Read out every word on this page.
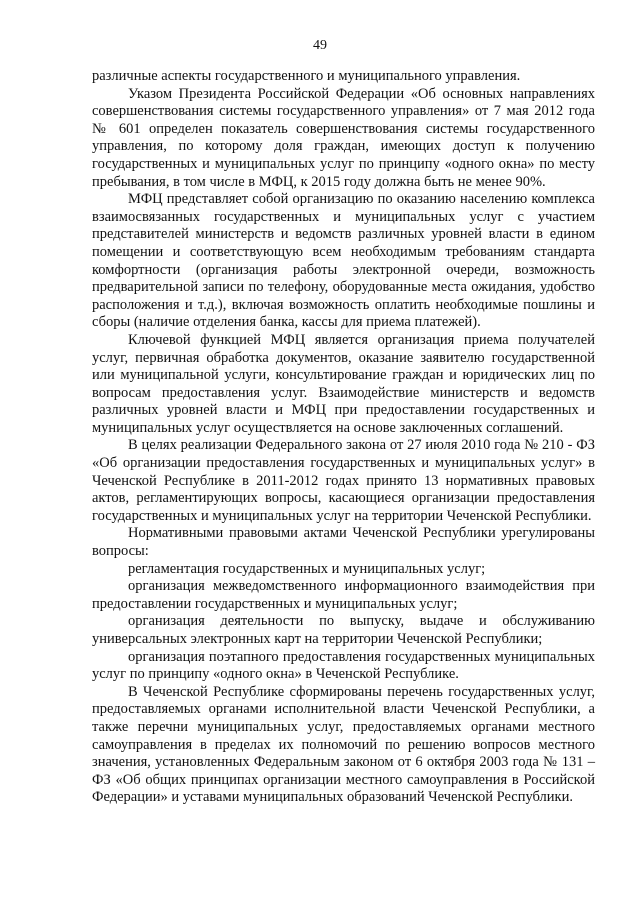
49

различные аспекты государственного и муниципального управления.

Указом Президента Российской Федерации «Об основных направлениях совершенствования системы государственного управления» от 7 мая 2012 года № 601 определен показатель совершенствования системы государственного управления, по которому доля граждан, имеющих доступ к получению государственных и муниципальных услуг по принципу «одного окна» по месту пребывания, в том числе в МФЦ, к 2015 году должна быть не менее 90%.

МФЦ представляет собой организацию по оказанию населению комплекса взаимосвязанных государственных и муниципальных услуг с участием представителей министерств и ведомств различных уровней власти в едином помещении и соответствующую всем необходимым требованиям стандарта комфортности (организация работы электронной очереди, возможность предварительной записи по телефону, оборудованные места ожидания, удобство расположения и т.д.), включая возможность оплатить необходимые пошлины и сборы (наличие отделения банка, кассы для приема платежей).

Ключевой функцией МФЦ является организация приема получателей услуг, первичная обработка документов, оказание заявителю государственной или муниципальной услуги, консультирование граждан и юридических лиц по вопросам предоставления услуг. Взаимодействие министерств и ведомств различных уровней власти и МФЦ при предоставлении государственных и муниципальных услуг осуществляется на основе заключенных соглашений.

В целях реализации Федерального закона от 27 июля 2010 года № 210 - ФЗ «Об организации предоставления государственных и муниципальных услуг» в Чеченской Республике в 2011-2012 годах принято 13 нормативных правовых актов, регламентирующих вопросы, касающиеся организации предоставления государственных и муниципальных услуг на территории Чеченской Республики.

Нормативными правовыми актами Чеченской Республики урегулированы вопросы:

регламентация государственных и муниципальных услуг;

организация межведомственного информационного взаимодействия при предоставлении государственных и муниципальных услуг;

организация деятельности по выпуску, выдаче и обслуживанию универсальных электронных карт на территории Чеченской Республики;

организация поэтапного предоставления государственных муниципальных услуг по принципу «одного окна» в Чеченской Республике.

В Чеченской Республике сформированы перечень государственных услуг, предоставляемых органами исполнительной власти Чеченской Республики, а также перечни муниципальных услуг, предоставляемых органами местного самоуправления в пределах их полномочий по решению вопросов местного значения, установленных Федеральным законом от 6 октября 2003 года № 131 – ФЗ «Об общих принципах организации местного самоуправления в Российской Федерации» и уставами муниципальных образований Чеченской Республики.
